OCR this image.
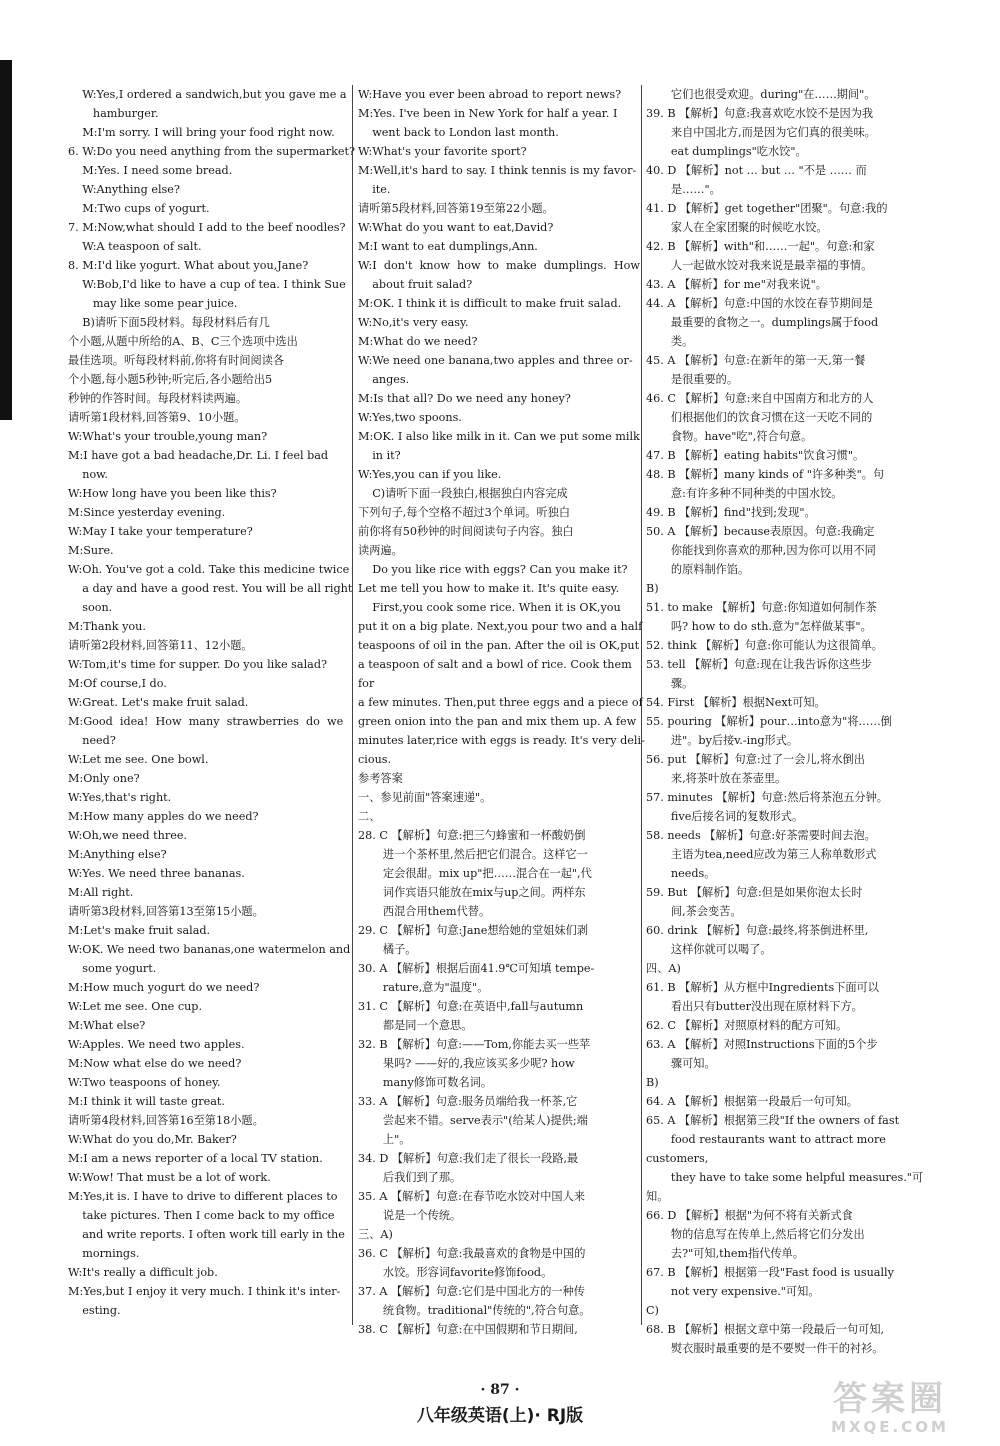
W:Yes,I ordered a sandwich,but you gave me a

hamburger.

M:I'm sorry. I will bring your food right now.

6. W:Do you need anything from the supermarket?

M:Yes. I need some bread.

W:Anything else?

M:Two cups of yogurt.

7. M:Now,what should I add to the beef noodles?

W:A teaspoon of salt.

8. M:I'd like yogurt. What about you,Jane?

W:Bob,I'd like to have a cup of tea. I think Sue

may like some pear juice.

B)请听下面5段材料。每段材料后有几

个小题,从题中所给的A、B、C三个选项中选出

最佳选项。听每段材料前,你将有时间阅读各

个小题,每小题5秒钟;听完后,各小题给出5

秒钟的作答时间。每段材料读两遍。

请听第1段材料,回答第9、10小题。

W:What's your trouble,young man?

M:I have got a bad headache,Dr. Li. I feel bad

now.

W:How long have you been like this?

M:Since yesterday evening.

W:May I take your temperature?

M:Sure.

W:Oh. You've got a cold. Take this medicine twice

a day and have a good rest. You will be all right

soon.

M:Thank you.

请听第2段材料,回答第11、12小题。

W:Tom,it's time for supper. Do you like salad?

M:Of course,I do.

W:Great. Let's make fruit salad.

M:Good  idea!  How  many  strawberries  do  we

need?

W:Let me see. One bowl.

M:Only one?

W:Yes,that's right.

M:How many apples do we need?

W:Oh,we need three.

M:Anything else?

W:Yes. We need three bananas.

M:All right.

请听第3段材料,回答第13至第15小题。

M:Let's make fruit salad.

W:OK. We need two bananas,one watermelon and

some yogurt.

M:How much yogurt do we need?

W:Let me see. One cup.

M:What else?

W:Apples. We need two apples.

M:Now what else do we need?

W:Two teaspoons of honey.

M:I think it will taste great.

请听第4段材料,回答第16至第18小题。

W:What do you do,Mr. Baker?

M:I am a news reporter of a local TV station.

W:Wow! That must be a lot of work.

M:Yes,it is. I have to drive to different places to

take pictures. Then I come back to my office

and write reports. I often work till early in the

mornings.

W:It's really a difficult job.

M:Yes,but I enjoy it very much. I think it's inter-

esting.

W:Have you ever been abroad to report news?

M:Yes. I've been in New York for half a year. I

went back to London last month.

W:What's your favorite sport?

M:Well,it's hard to say. I think tennis is my favor-

ite.

请听第5段材料,回答第19至第22小题。

W:What do you want to eat,David?

M:I want to eat dumplings,Ann.

W:I  don't  know  how  to  make  dumplings.  How

about fruit salad?

M:OK. I think it is difficult to make fruit salad.

W:No,it's very easy.

M:What do we need?

W:We need one banana,two apples and three or-

anges.

M:Is that all? Do we need any honey?

W:Yes,two spoons.

M:OK. I also like milk in it. Can we put some milk

in it?

W:Yes,you can if you like.

C)请听下面一段独白,根据独白内容完成

下列句子,每个空格不超过3个单词。听独白

前你将有50秒钟的时间阅读句子内容。独白

读两遍。

Do you like rice with eggs? Can you make it?

Let me tell you how to make it. It's quite easy.

First,you cook some rice. When it is OK,you

put it on a big plate. Next,you pour two and a half

teaspoons of oil in the pan. After the oil is OK,put

a teaspoon of salt and a bowl of rice. Cook them for

a few minutes. Then,put three eggs and a piece of

green onion into the pan and mix them up. A few

minutes later,rice with eggs is ready. It's very deli-

cious.

参考答案

一、参见前面"答案速递"。

二、

28. C 【解析】句意:把三勺蜂蜜和一杯酸奶倒

进一个茶杯里,然后把它们混合。这样它一

定会很甜。mix up"把……混合在一起",代

词作宾语只能放在mix与up之间。两样东

西混合用them代替。

29. C 【解析】句意:Jane想给她的堂姐妹们剥

橘子。

30. A 【解析】根据后面41.9℃可知填 tempe-

rature,意为"温度"。

31. C 【解析】句意:在英语中,fall与autumn

都是同一个意思。

32. B 【解析】句意:——Tom,你能去买一些苹

果吗? ——好的,我应该买多少呢? how

many修饰可数名词。

33. A 【解析】句意:服务员端给我一杯茶,它

尝起来不错。serve表示"(给某人)提供;端

上"。

34. D 【解析】句意:我们走了很长一段路,最

后我们到了那。

35. A 【解析】句意:在春节吃水饺对中国人来

说是一个传统。

三、A)

36. C 【解析】句意:我最喜欢的食物是中国的

水饺。形容词favorite修饰food。

37. A 【解析】句意:它们是中国北方的一种传

统食物。traditional"传统的",符合句意。

38. C 【解析】句意:在中国假期和节日期间,

它们也很受欢迎。during"在……期间"。

39. B 【解析】句意:我喜欢吃水饺不是因为我

来自中国北方,而是因为它们真的很美味。

eat dumplings"吃水饺"。

40. D 【解析】not … but … "不是 …… 而

是……"。

41. D 【解析】get together"团聚"。句意:我的

家人在全家团聚的时候吃水饺。

42. B 【解析】with"和……一起"。句意:和家

人一起做水饺对我来说是最幸福的事情。

43. A 【解析】for me"对我来说"。

44. A 【解析】句意:中国的水饺在春节期间是

最重要的食物之一。dumplings属于food

类。

45. A 【解析】句意:在新年的第一天,第一餐

是很重要的。

46. C 【解析】句意:来自中国南方和北方的人

们根据他们的饮食习惯在这一天吃不同的

食物。have"吃",符合句意。

47. B 【解析】eating habits"饮食习惯"。

48. B 【解析】many kinds of "许多种类"。句

意:有许多种不同种类的中国水饺。

49. B 【解析】find"找到;发现"。

50. A 【解析】because表原因。句意:我确定

你能找到你喜欢的那种,因为你可以用不同

的原料制作馅。

B)

51. to make 【解析】句意:你知道如何制作茶

吗? how to do sth.意为"怎样做某事"。

52. think 【解析】句意:你可能认为这很简单。

53. tell 【解析】句意:现在让我告诉你这些步

骤。

54. First 【解析】根据Next可知。

55. pouring 【解析】pour…into意为"将……倒

进"。by后接v.-ing形式。

56. put 【解析】句意:过了一会儿,将水倒出

来,将茶叶放在茶壶里。

57. minutes 【解析】句意:然后将茶泡五分钟。

five后接名词的复数形式。

58. needs 【解析】句意:好茶需要时间去泡。

主语为tea,need应改为第三人称单数形式

needs。

59. But 【解析】句意:但是如果你泡太长时

间,茶会变苦。

60. drink 【解析】句意:最终,将茶倒进杯里,

这样你就可以喝了。

四、A)

61. B 【解析】从方框中Ingredients下面可以

看出只有butter没出现在原材料下方。

62. C 【解析】对照原材料的配方可知。

63. A 【解析】对照Instructions下面的5个步

骤可知。

B)

64. A 【解析】根据第一段最后一句可知。

65. A 【解析】根据第三段"If the owners of fast

food restaurants want to attract more customers,

they have to take some helpful measures."可知。

66. D 【解析】根据"为何不将有关新式食

物的信息写在传单上,然后将它们分发出

去?"可知,them指代传单。

67. B 【解析】根据第一段"Fast food is usually

not very expensive."可知。

C)

68. B 【解析】根据文章中第一段最后一句可知,

熨衣服时最重要的是不要熨一件干的衬衫。

· 87 ·
八年级英语(上)· RJ版	答案圈
MXQE.COM
